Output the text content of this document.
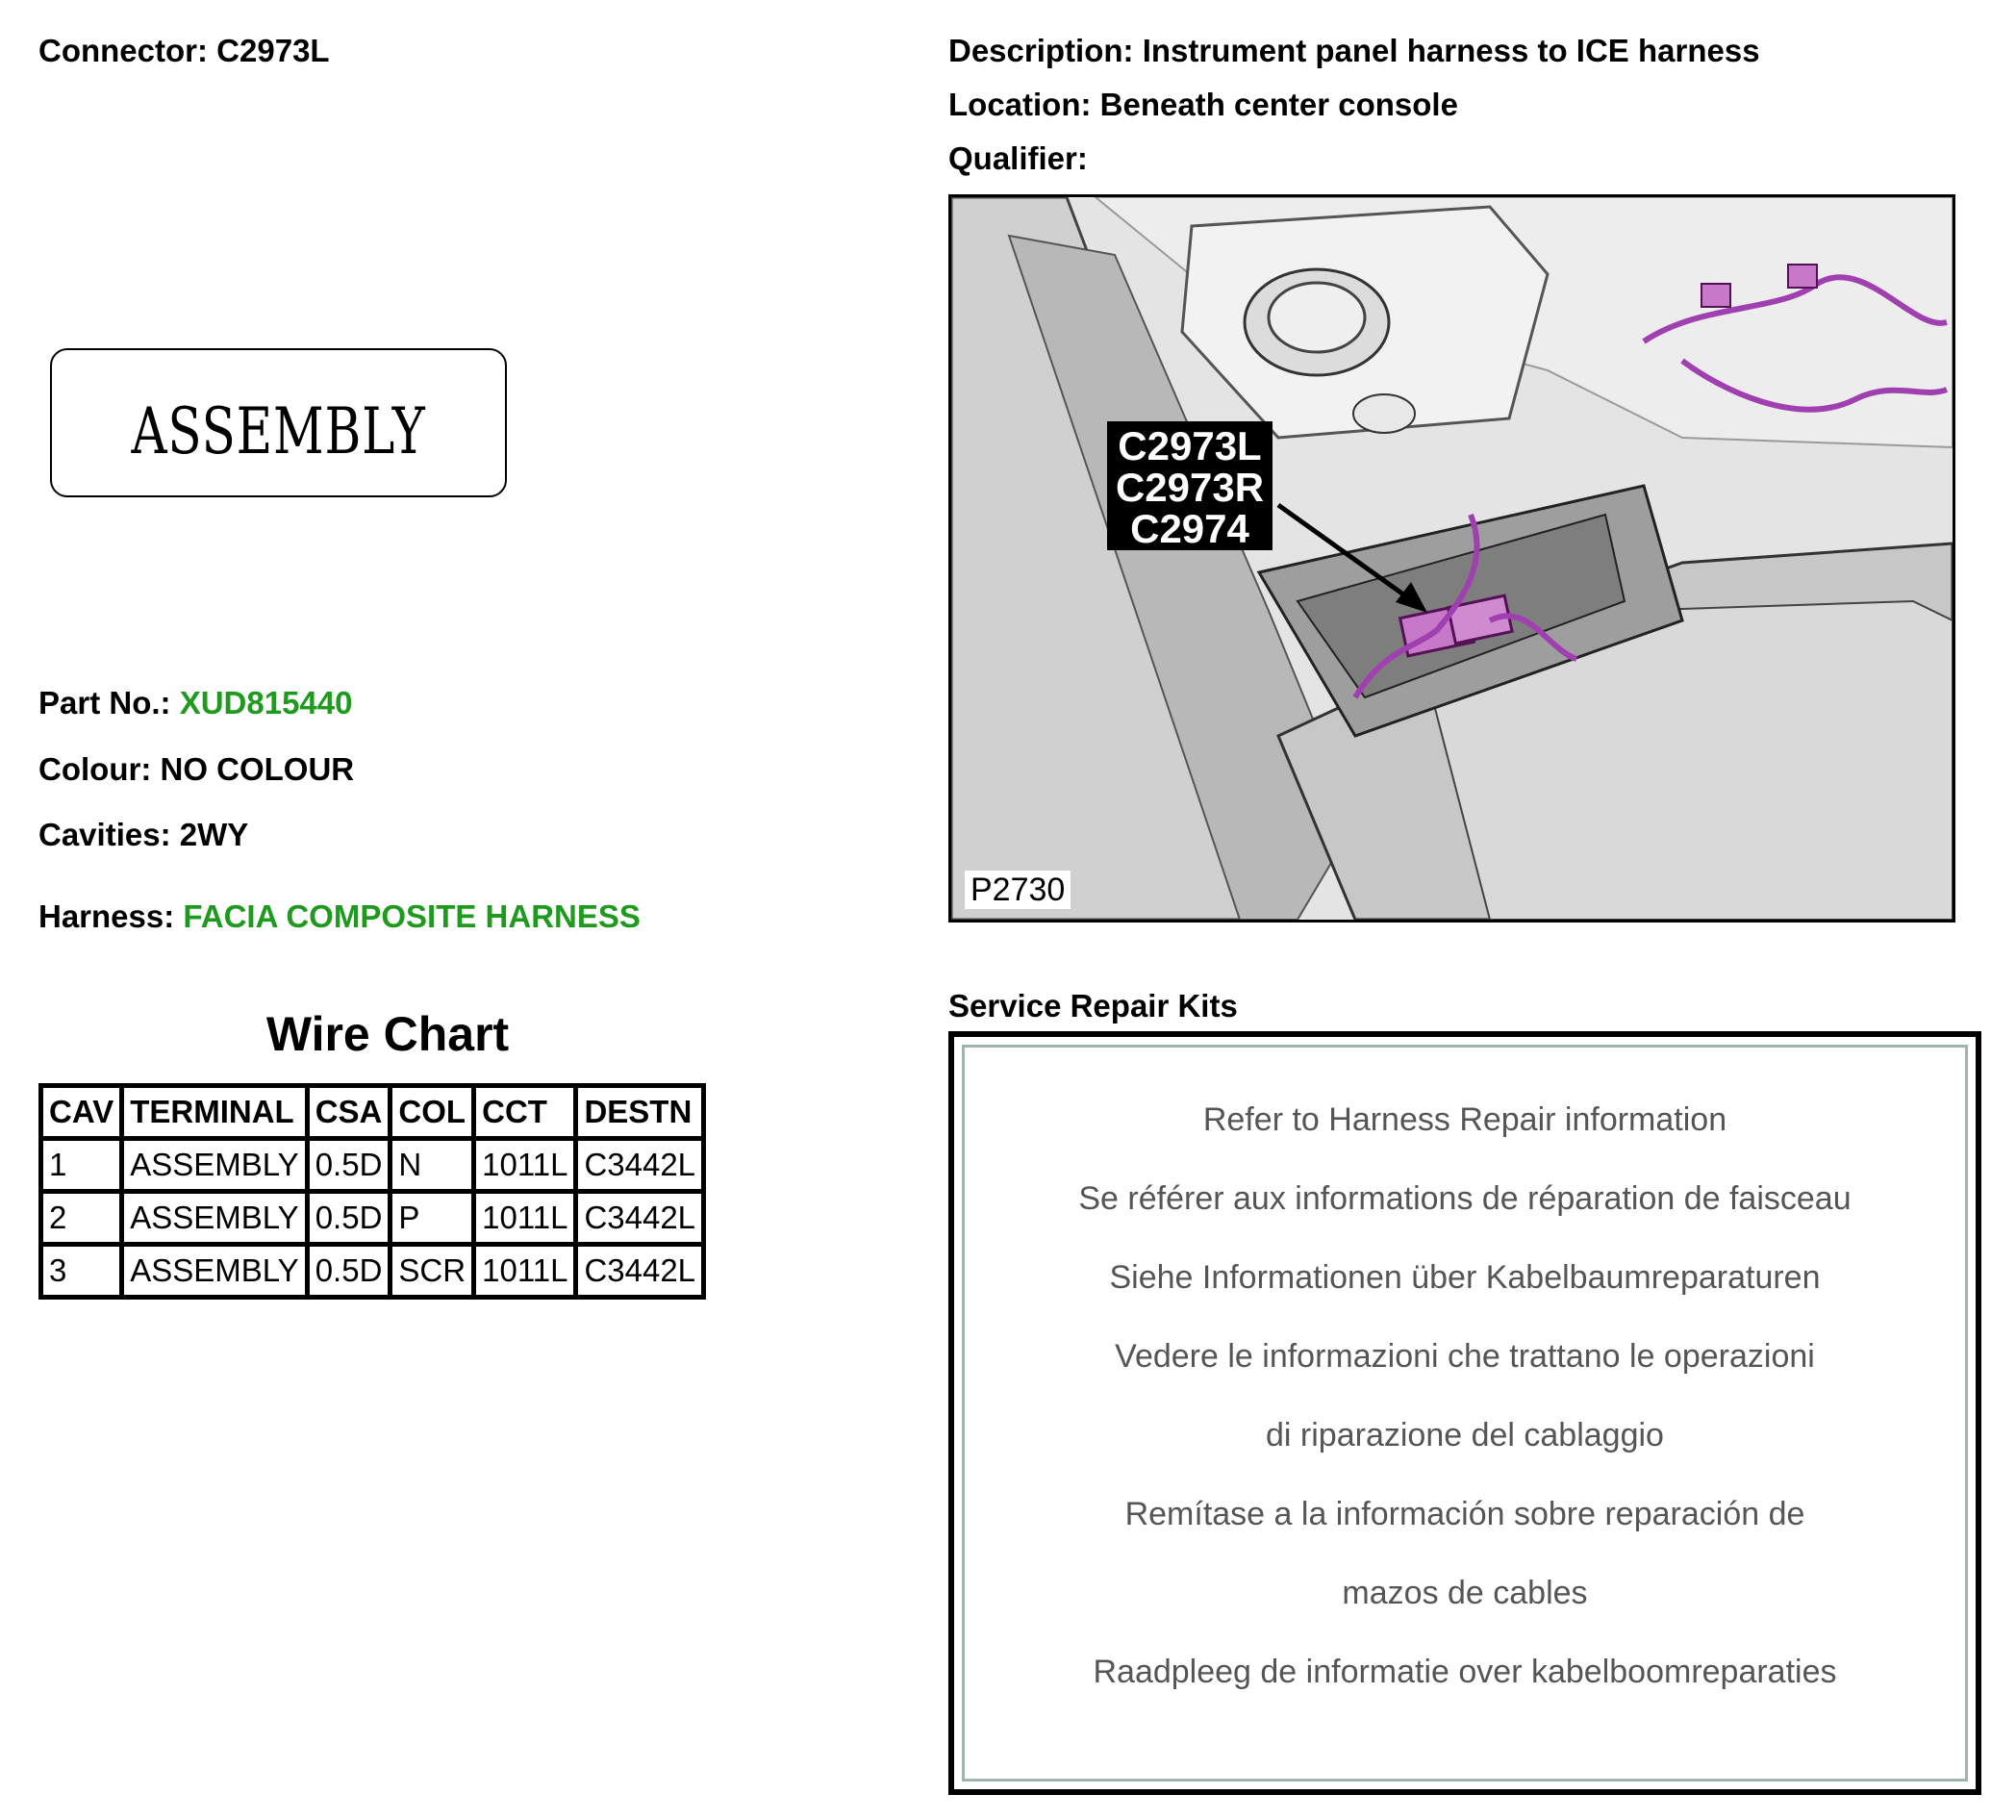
Connector: C2973L	Description: Instrument panel harness to ICE harness
Location: Beneath center console
Qualifier:
ASSEMBLY
Part No.: XUD815440
Colour: NO COLOUR
Cavities: 2WY
Harness: FACIA COMPOSITE HARNESS
Wire Chart
CAV	TERMINAL	CSA	COL	CCT	DESTN
1	ASSEMBLY	0.5D	N	1011L	C3442L
2	ASSEMBLY	0.5D	P	1011L	C3442L
3	ASSEMBLY	0.5D	SCR	1011L	C3442L
C2973L
C2973R
C2974
P2730
Service Repair Kits
Refer to Harness Repair information
Se référer aux informations de réparation de faisceau
Siehe Informationen über Kabelbaumreparaturen
Vedere le informazioni che trattano le operazioni
di riparazione del cablaggio
Remítase a la información sobre reparación de
mazos de cables
Raadpleeg de informatie over kabelboomreparaties
